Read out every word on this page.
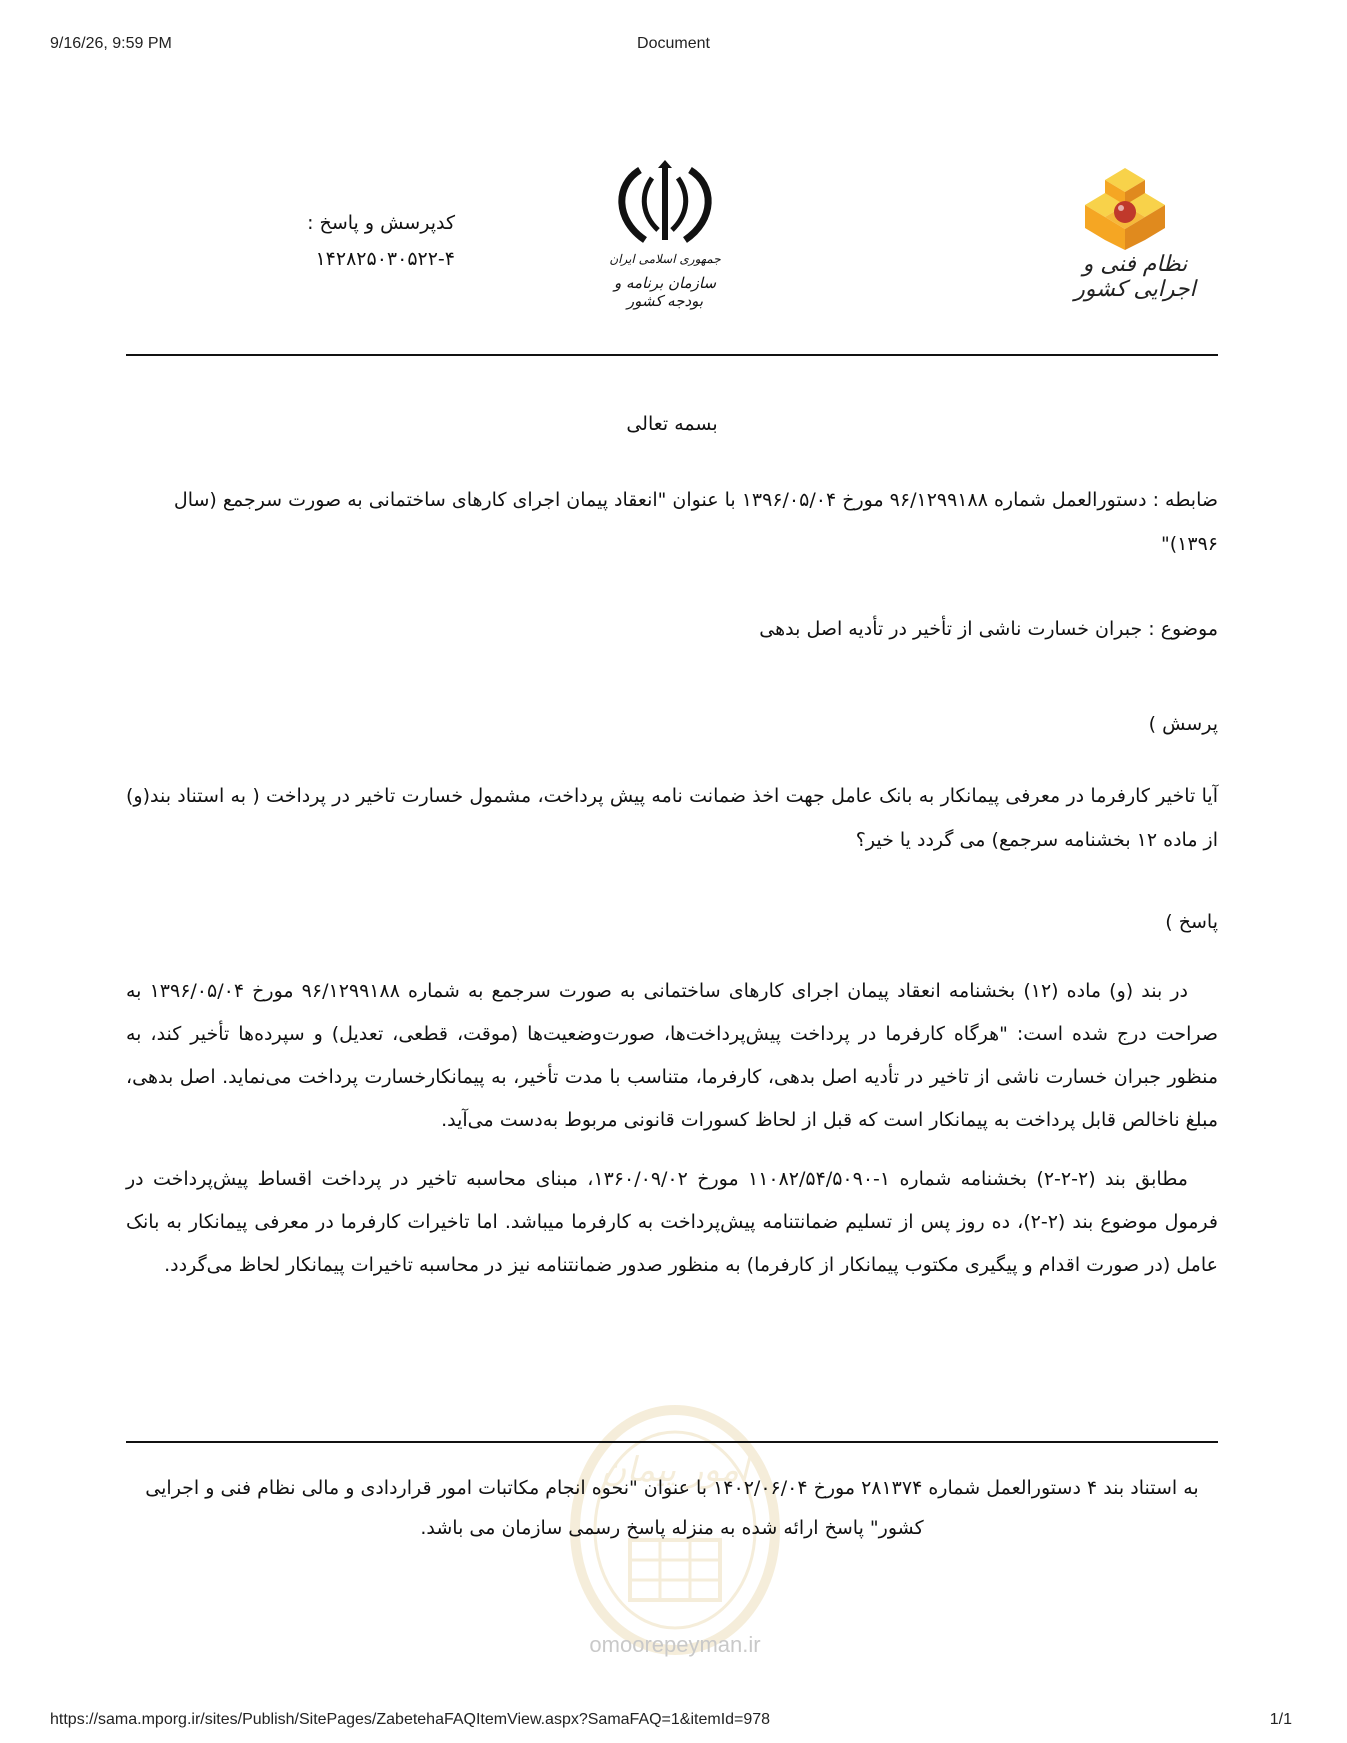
9/16/26, 9:59 PM	Document
نظام فنی و اجرایی کشور
جمهوری اسلامی ایران
سازمان برنامه و بودجه کشور
کدپرسش و پاسخ :
۱۴۲۸۲۵۰۳۰۵۲۲-۴
بسمه تعالی
ضابطه : دستورالعمل شماره ۹۶/۱۲۹۹۱۸۸ مورخ ۱۳۹۶/۰۵/۰۴ با عنوان "انعقاد پیمان اجرای کارهای ساختمانی به صورت سرجمع (سال ۱۳۹۶)"
موضوع : جبران خسارت ناشی از تأخیر در تأدیه اصل بدهی
پرسش )
آیا تاخیر کارفرما در معرفی پیمانکار به بانک عامل جهت اخذ ضمانت نامه پیش پرداخت، مشمول خسارت تاخیر در پرداخت ( به استناد بند(و) از ماده ۱۲ بخشنامه سرجمع) می گردد یا خیر؟
پاسخ )
در بند (و) ماده (۱۲) بخشنامه انعقاد پیمان اجرای کارهای ساختمانی به صورت سرجمع به شماره ۹۶/۱۲۹۹۱۸۸ مورخ ۱۳۹۶/۰۵/۰۴ به صراحت درج شده است: "هرگاه کارفرما در پرداخت پیش‌پرداخت‌ها، صورت‌وضعیت‌ها (موقت، قطعی، تعدیل) و سپرده‌ها تأخیر کند، به منظور جبران خسارت ناشی از تاخیر در تأدیه اصل بدهی، کارفرما، متناسب با مدت تأخیر، به پیمانکارخسارت پرداخت می‌نماید. اصل بدهی، مبلغ ناخالص قابل پرداخت به پیمانکار است که قبل از لحاظ کسورات قانونی مربوط به‌دست می‌آید.
مطابق بند (۲-۲-۲) بخشنامه شماره ۱-۱۱۰۸۲/۵۴/۵۰۹۰ مورخ ۱۳۶۰/۰۹/۰۲، مبنای محاسبه تاخیر در پرداخت اقساط پیش‌پرداخت در فرمول موضوع بند (۲-۲)، ده روز پس از تسلیم ضمانتنامه پیش‌پرداخت به کارفرما میباشد. اما تاخیرات کارفرما در معرفی پیمانکار به بانک عامل (در صورت اقدام و پیگیری مکتوب پیمانکار از کارفرما) به منظور صدور ضمانتنامه نیز در محاسبه تاخیرات پیمانکار لحاظ می‌گردد.
امور پیمان
omoorepeyman.ir
به استناد بند ۴ دستورالعمل شماره ۲۸۱۳۷۴ مورخ ۱۴۰۲/۰۶/۰۴ با عنوان "نحوه انجام مکاتبات امور قراردادی و مالی نظام فنی و اجرایی کشور" پاسخ ارائه شده به منزله پاسخ رسمی سازمان می باشد.
https://sama.mporg.ir/sites/Publish/SitePages/ZabetehaFAQItemView.aspx?SamaFAQ=1&itemId=978	1/1
